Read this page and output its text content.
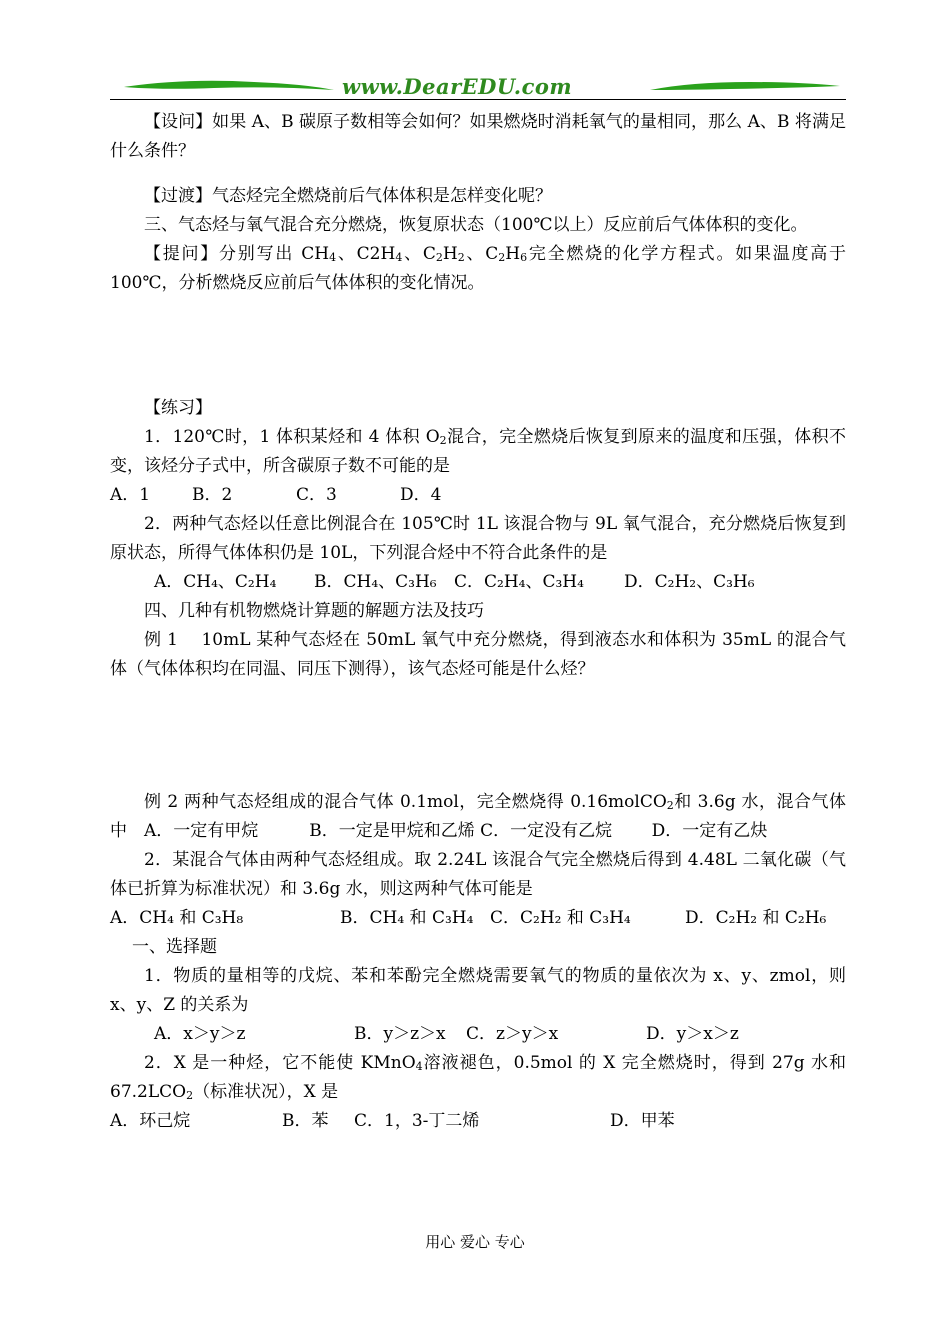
www.DearEDU.com

【设问】如果 A、B 碳原子数相等会如何？如果燃烧时消耗氧气的量相同，那么 A、B 将满足什么条件？

【过渡】气态烃完全燃烧前后气体体积是怎样变化呢？

三、气态烃与氧气混合充分燃烧，恢复原状态（100℃以上）反应前后气体体积的变化。

【提问】分别写出 $CH_4$、$C2H_4$、$C_2H_2$、$C_2H_6$完全燃烧的化学方程式。如果温度高于 100℃，分析燃烧反应前后气体体积的变化情况。

【练习】

1．120℃时，1 体积某烃和 4 体积 $O_2$混合，完全燃烧后恢复到原来的温度和压强，体积不变，该烃分子式中，所含碳原子数不可能的是

A．1	B．2	C．3	D．4

2．两种气态烃以任意比例混合在 105℃时 1L 该混合物与 9L 氧气混合，充分燃烧后恢复到原状态，所得气体体积仍是 10L，下列混合烃中不符合此条件的是

A．CH₄、C₂H₄	B．CH₄、C₃H₆	C．C₂H₄、C₃H₄	D．C₂H₂、C₃H₆

四、几种有机物燃烧计算题的解题方法及技巧

例 1　 10mL 某种气态烃在 50mL 氧气中充分燃烧，得到液态水和体积为 35mL 的混合气体（气体体积均在同温、同压下测得），该气态烃可能是什么烃？

例 2 两种气态烃组成的混合气体 0.1mol，完全燃烧得 0.16molCO$_2$和 3.6g 水，混合气体中　A．一定有甲烷　　　B．一定是甲烷和乙烯 C．一定没有乙烷　　 D．一定有乙炔

2．某混合气体由两种气态烃组成。取 2.24L 该混合气完全燃烧后得到 4.48L 二氧化碳（气体已折算为标准状况）和 3.6g 水，则这两种气体可能是

A．CH₄ 和 C₃H₈	B．CH₄ 和 C₃H₄ C．C₂H₂ 和 C₃H₄	D．C₂H₂ 和 C₂H₆

一、选择题

1．物质的量相等的戊烷、苯和苯酚完全燃烧需要氧气的物质的量依次为 x、y、zmol，则 x、y、Z 的关系为

A．x＞y＞z	B．y＞z＞x	C．z＞y＞x	D．y＞x＞z

2．X 是一种烃，它不能使 KMnO$_4$溶液褪色，0.5mol 的 X 完全燃烧时，得到 27g 水和 $67.2LCO_2$（标准状况），X 是

A．环己烷	B．苯	C．1，3-丁二烯	D．甲苯
用心 爱心 专心
